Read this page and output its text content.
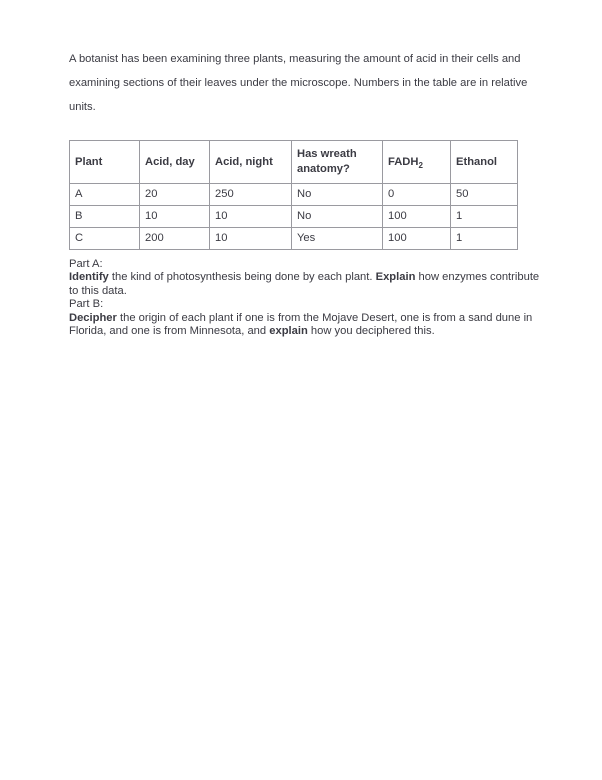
A botanist has been examining three plants, measuring the amount of acid in their cells and examining sections of their leaves under the microscope. Numbers in the table are in relative units.

Plant	Acid, day	Acid, night	Has wreath anatomy?	$FADH_2$	Ethanol
A	20	250	No	0	50
B	10	10	No	100	1
C	200	10	Yes	100	1
Part A:
Identify the kind of photosynthesis being done by each plant. Explain how enzymes contribute to this data.
Part B:
Decipher the origin of each plant if one is from the Mojave Desert, one is from a sand dune in Florida, and one is from Minnesota, and explain how you deciphered this.
